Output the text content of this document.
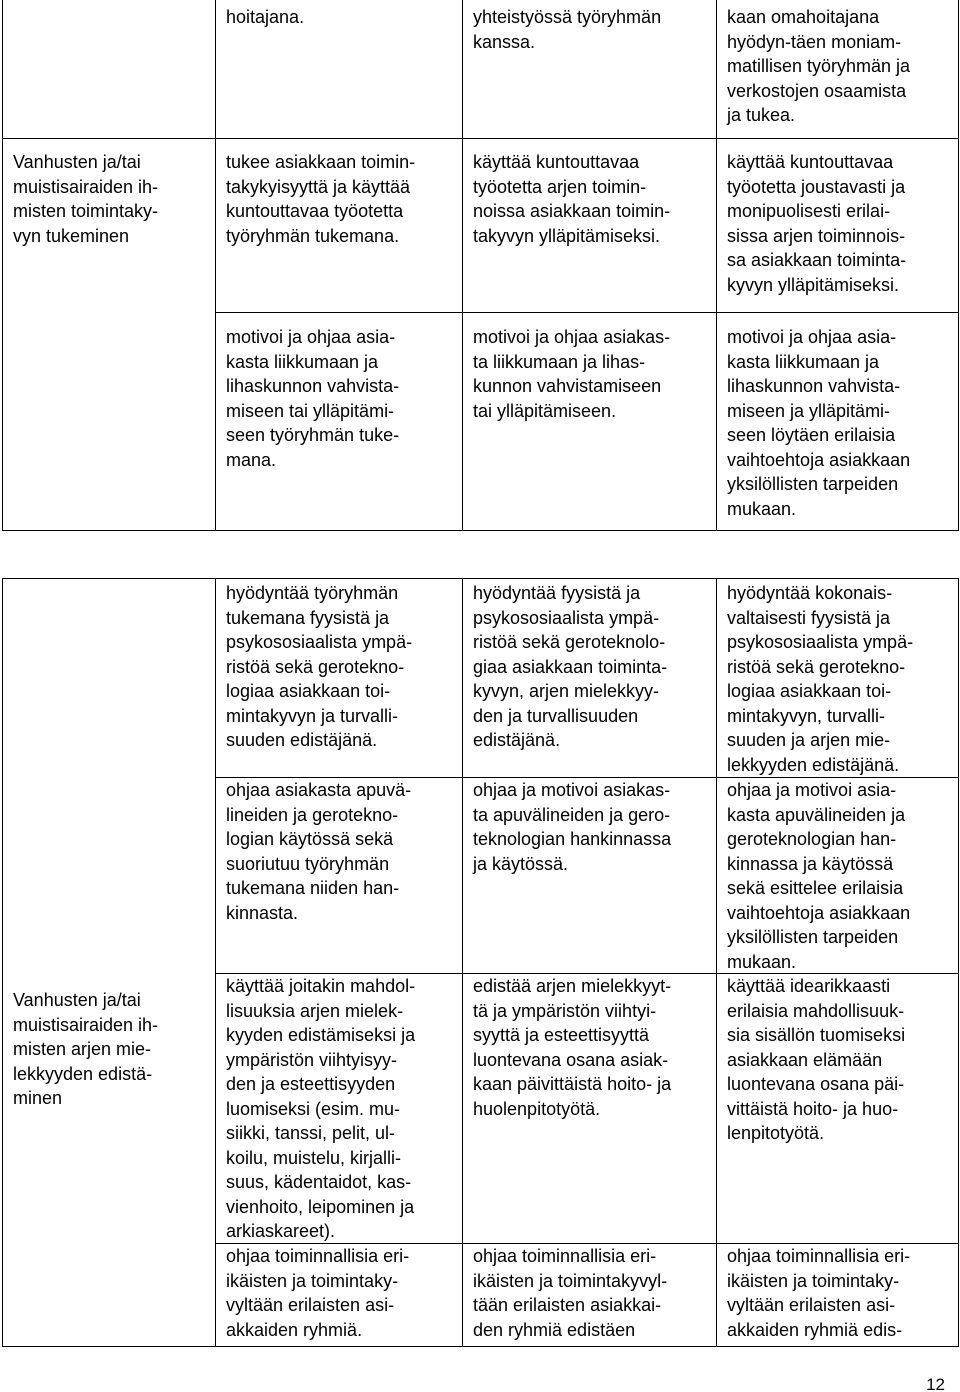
hoitajana.	yhteistyössä työryhmän
kanssa.
kaan omahoitajana
hyödyn-täen moniam-
matillisen työryhmän ja
verkostojen osaamista
ja tukea.
Vanhusten ja/tai
muistisairaiden ih-
misten toimintaky-
vyn tukeminen
tukee asiakkaan toimin-
takykyisyyttä ja käyttää
kuntouttavaa työotetta
työryhmän tukemana.
käyttää kuntouttavaa
työotetta arjen toimin-
noissa asiakkaan toimin-
takyvyn ylläpitämiseksi.
käyttää kuntouttavaa
työotetta joustavasti ja
monipuolisesti erilai-
sissa arjen toiminnois-
sa asiakkaan toiminta-
kyvyn ylläpitämiseksi.
motivoi ja ohjaa asia-
kasta liikkumaan ja
lihaskunnon vahvista-
miseen tai ylläpitämi-
seen työryhmän tuke-
mana.
motivoi ja ohjaa asiakas-
ta liikkumaan ja lihas-
kunnon vahvistamiseen
tai ylläpitämiseen.
motivoi ja ohjaa asia-
kasta liikkumaan ja
lihaskunnon vahvista-
miseen ja ylläpitämi-
seen löytäen erilaisia
vaihtoehtoja asiakkaan
yksilöllisten tarpeiden
mukaan.
Vanhusten ja/tai
muistisairaiden ih-
misten arjen mie-
lekkyyden edistä-
minen
hyödyntää työryhmän
tukemana fyysistä ja
psykososiaalista ympä-
ristöä sekä gerotekno-
logiaa asiakkaan toi-
mintakyvyn ja turvalli-
suuden edistäjänä.
hyödyntää fyysistä ja
psykososiaalista ympä-
ristöä sekä geroteknolo-
giaa asiakkaan toiminta-
kyvyn, arjen mielekkyy-
den ja turvallisuuden
edistäjänä.
hyödyntää kokonais-
valtaisesti fyysistä ja
psykososiaalista ympä-
ristöä sekä gerotekno-
logiaa asiakkaan toi-
mintakyvyn, turvalli-
suuden ja arjen mie-
lekkyyden edistäjänä.
ohjaa asiakasta apuvä-
lineiden ja gerotekno-
logian käytössä sekä
suoriutuu työryhmän
tukemana niiden han-
kinnasta.
ohjaa ja motivoi asiakas-
ta apuvälineiden ja gero-
teknologian hankinnassa
ja käytössä.
ohjaa ja motivoi asia-
kasta apuvälineiden ja
geroteknologian han-
kinnassa ja käytössä
sekä esittelee erilaisia
vaihtoehtoja asiakkaan
yksilöllisten tarpeiden
mukaan.
käyttää joitakin mahdol-
lisuuksia arjen mielek-
kyyden edistämiseksi ja
ympäristön viihtyisyy-
den ja esteettisyyden
luomiseksi (esim. mu-
siikki, tanssi, pelit, ul-
koilu, muistelu, kirjalli-
suus, kädentaidot, kas-
vienhoito, leipominen ja
arkiaskareet).
edistää arjen mielekkyyt-
tä ja ympäristön viihtyi-
syyttä ja esteettisyyttä
luontevana osana asiak-
kaan päivittäistä hoito- ja
huolenpitotyötä.
käyttää idearikkaasti
erilaisia mahdollisuuk-
sia sisällön tuomiseksi
asiakkaan elämään
luontevana osana päi-
vittäistä hoito- ja huo-
lenpitotyötä.
ohjaa toiminnallisia eri-
ikäisten ja toimintaky-
vyltään erilaisten asi-
akkaiden ryhmiä.
ohjaa toiminnallisia eri-
ikäisten ja toimintakyvyl-
tään erilaisten asiakkai-
den ryhmiä edistäen
ohjaa toiminnallisia eri-
ikäisten ja toimintaky-
vyltään erilaisten asi-
akkaiden ryhmiä edis-
12
